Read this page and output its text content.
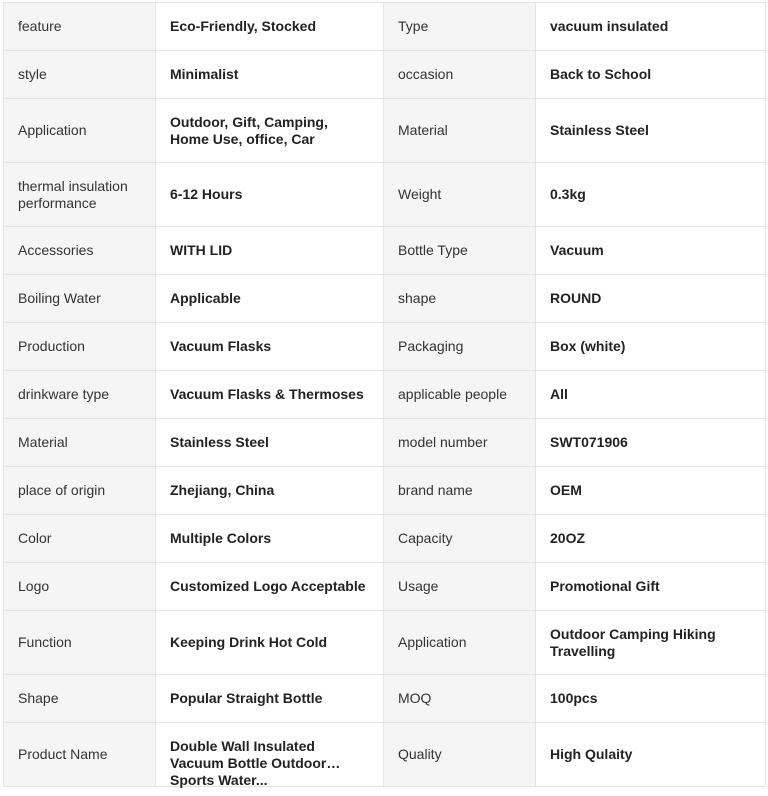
feature	Eco-Friendly, Stocked	Type	vacuum insulated

style	Minimalist	occasion	Back to School

Application	Outdoor, Gift, Camping, Home Use, office, Car	Material	Stainless Steel

thermal insulation performance	6-12 Hours	Weight	0.3kg

Accessories	WITH LID	Bottle Type	Vacuum

Boiling Water	Applicable	shape	ROUND

Production	Vacuum Flasks	Packaging	Box (white)

drinkware type	Vacuum Flasks & Thermoses	applicable people	All

Material	Stainless Steel	model number	SWT071906

place of origin	Zhejiang, China	brand name	OEM

Color	Multiple Colors	Capacity	20OZ

Logo	Customized Logo Acceptable	Usage	Promotional Gift

Function	Keeping Drink Hot Cold	Application	Outdoor Camping Hiking Travelling

Shape	Popular Straight Bottle	MOQ	100pcs

Product Name	Double Wall Insulated Vacuum Bottle Outdoor Sports Water...	Quality	High Qulaity
